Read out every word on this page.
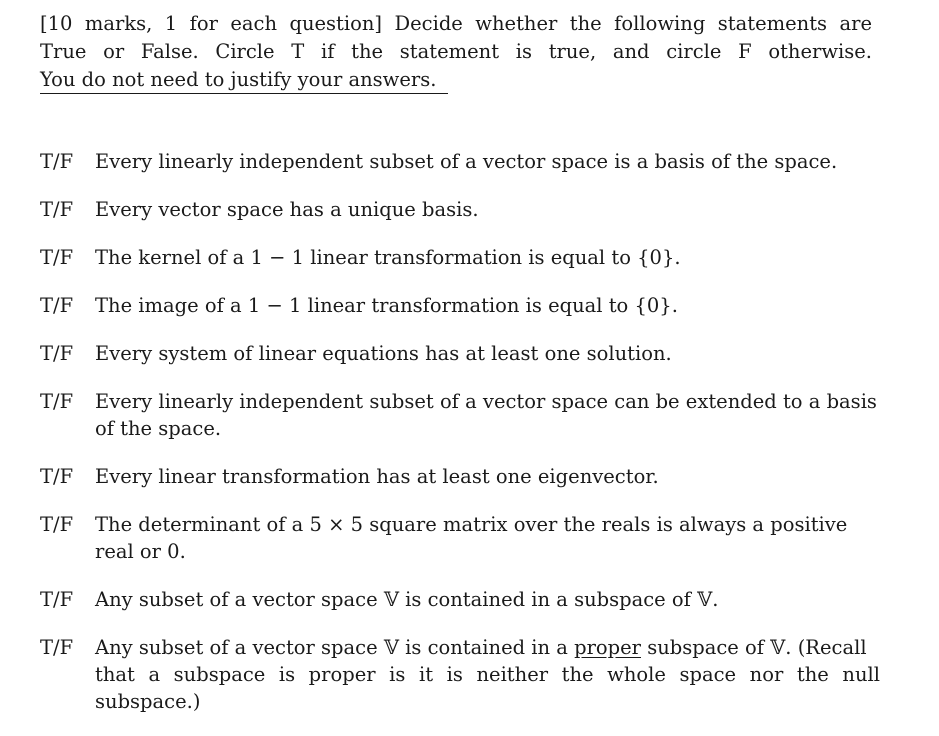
[10 marks, 1 for each question] Decide whether the following statements are
True or False. Circle T if the statement is true, and circle F otherwise.
You do not need to justify your answers.
T/F Every linearly independent subset of a vector space is a basis of the space.
T/F Every vector space has a unique basis.
T/F The kernel of a 1 − 1 linear transformation is equal to {0}.
T/F The image of a 1 − 1 linear transformation is equal to {0}.
T/F Every system of linear equations has at least one solution.
T/F Every linearly independent subset of a vector space can be extended to a basis
of the space.
T/F Every linear transformation has at least one eigenvector.
T/F The determinant of a 5 × 5 square matrix over the reals is always a positive
real or 0.
T/F Any subset of a vector space 𝕍 is contained in a subspace of 𝕍.
T/F Any subset of a vector space 𝕍 is contained in a proper subspace of 𝕍. (Recall
that a subspace is proper is it is neither the whole space nor the null subspace.)
